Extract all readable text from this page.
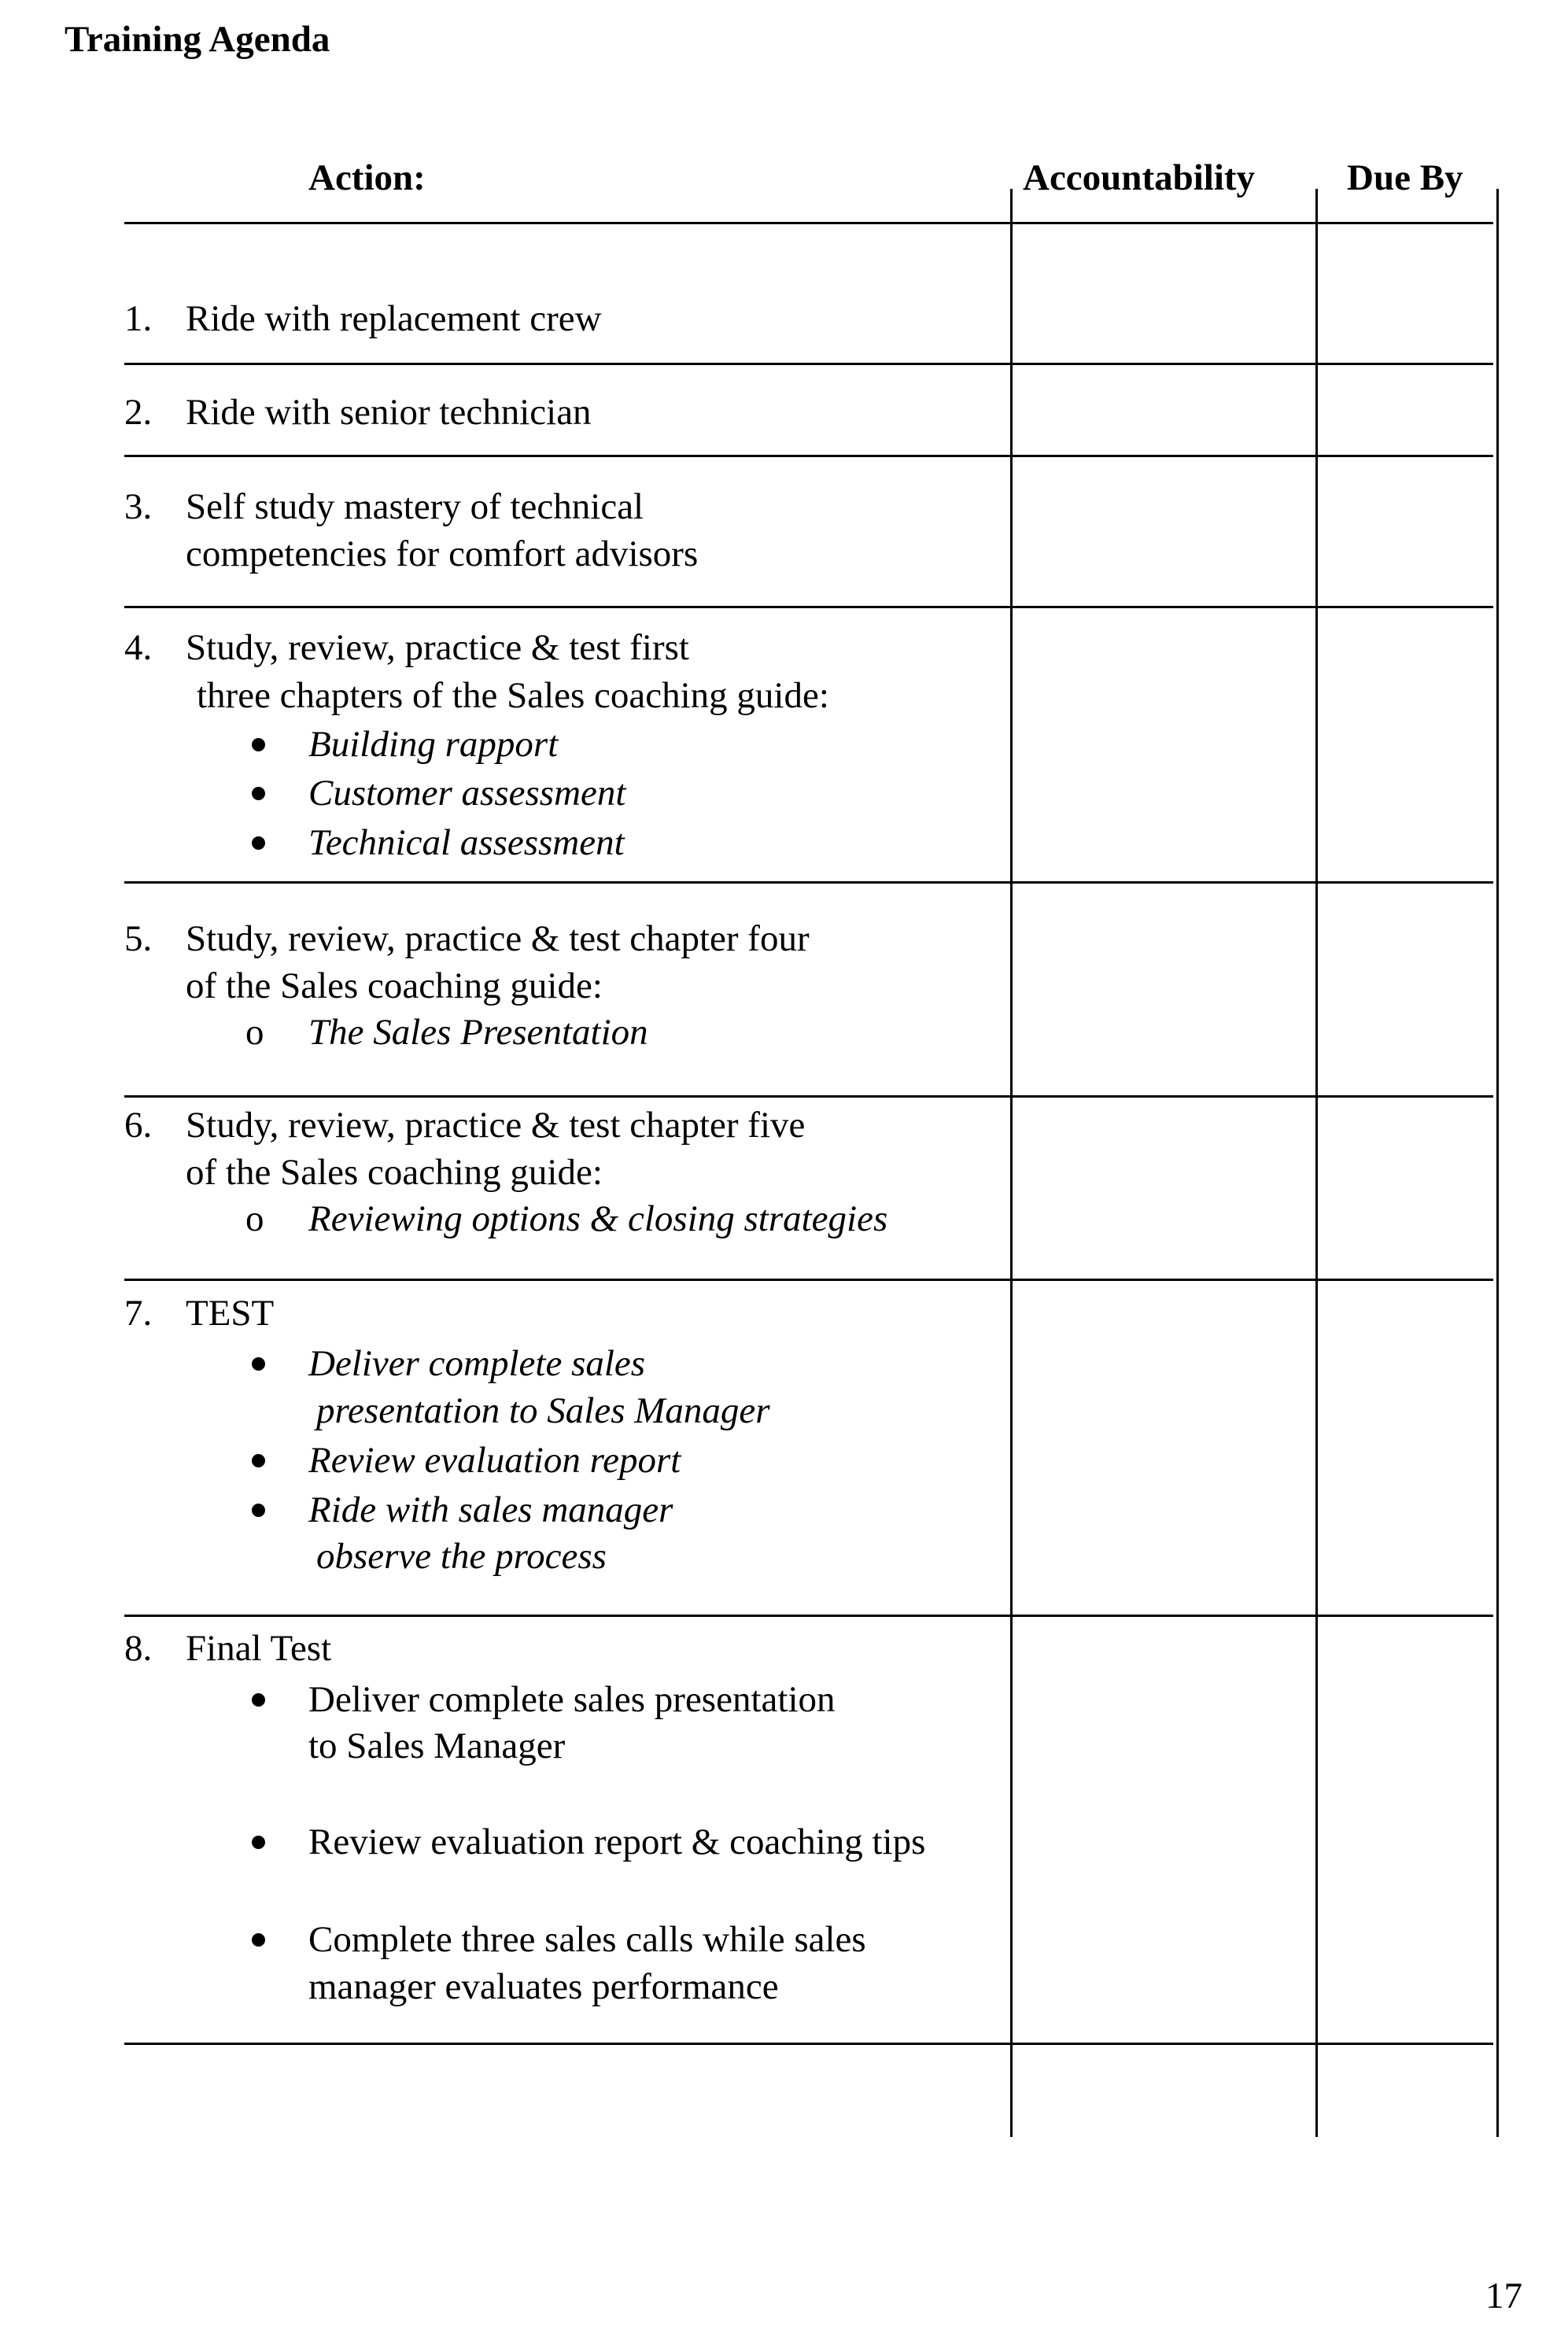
Training Agenda
Action:	Accountability Due By
1. Ride with replacement crew
2. Ride with senior technician
3. Self study mastery of technical
competencies for comfort advisors
4. Study, review, practice & test first
three chapters of the Sales coaching guide:
Building rapport
Customer assessment
Technical assessment
5. Study, review, practice & test chapter four
of the Sales coaching guide:
o The Sales Presentation
6. Study, review, practice & test chapter five
of the Sales coaching guide:
o Reviewing options & closing strategies
7. TEST
Deliver complete sales
presentation to Sales Manager
Review evaluation report
Ride with sales manager
observe the process
8. Final Test
Deliver complete sales presentation
to Sales Manager
Review evaluation report & coaching tips
Complete three sales calls while sales
manager evaluates performance
17
